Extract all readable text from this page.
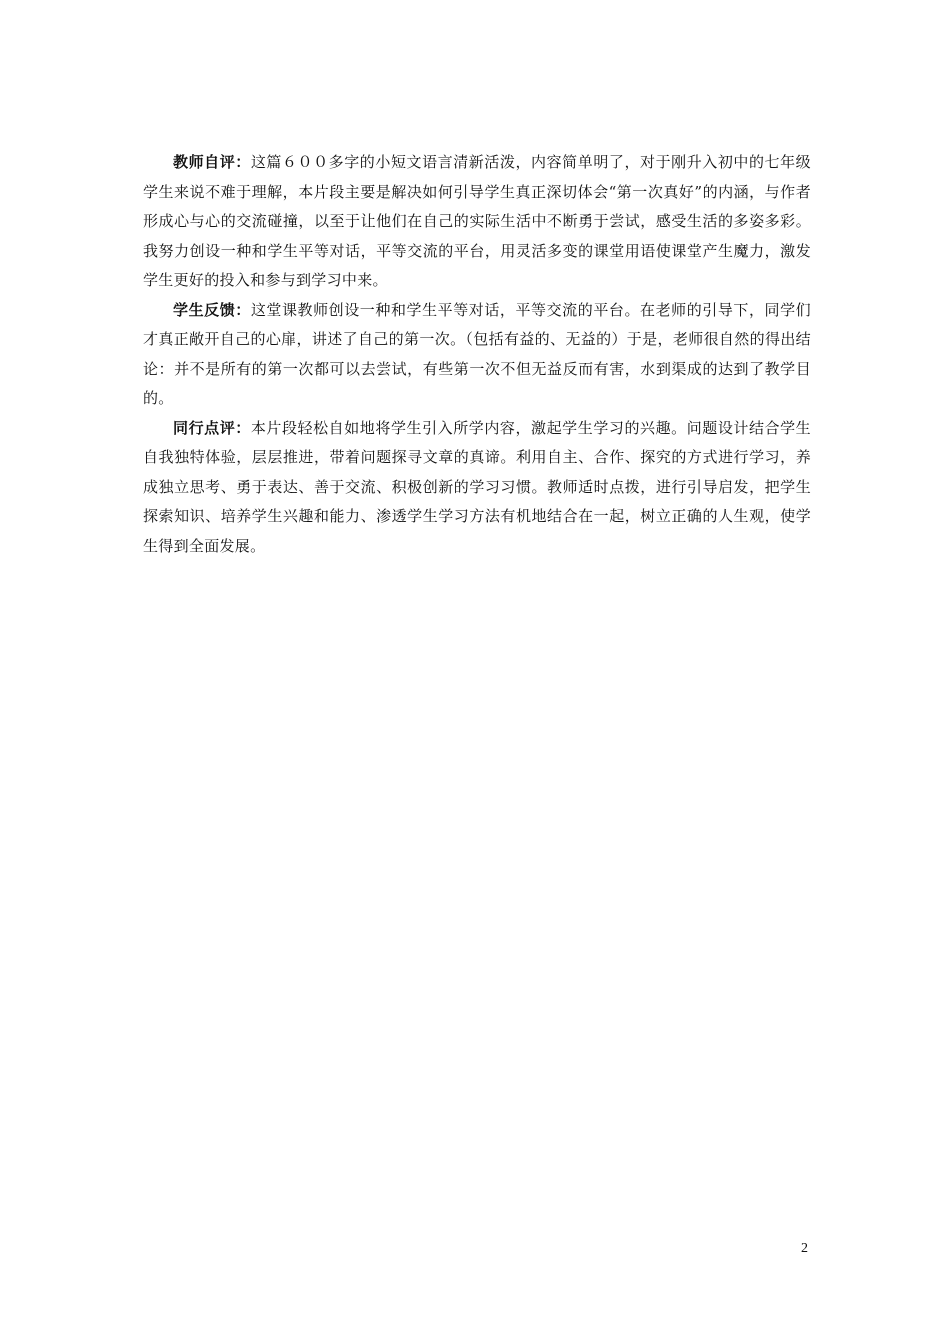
教师自评：这篇６００多字的小短文语言清新活泼，内容简单明了，对于刚升入初中的七年级学生来说不难于理解，本片段主要是解决如何引导学生真正深切体会“第一次真好”的内涵，与作者形成心与心的交流碰撞，以至于让他们在自己的实际生活中不断勇于尝试，感受生活的多姿多彩。我努力创设一种和学生平等对话，平等交流的平台，用灵活多变的课堂用语使课堂产生魔力，激发学生更好的投入和参与到学习中来。

学生反馈：这堂课教师创设一种和学生平等对话，平等交流的平台。在老师的引导下，同学们才真正敞开自己的心扉，讲述了自己的第一次。（包括有益的、无益的）于是，老师很自然的得出结论：并不是所有的第一次都可以去尝试，有些第一次不但无益反而有害，水到渠成的达到了教学目的。

同行点评：本片段轻松自如地将学生引入所学内容，激起学生学习的兴趣。问题设计结合学生自我独特体验，层层推进，带着问题探寻文章的真谛。利用自主、合作、探究的方式进行学习，养成独立思考、勇于表达、善于交流、积极创新的学习习惯。教师适时点拨，进行引导启发，把学生探索知识、培养学生兴趣和能力、渗透学生学习方法有机地结合在一起，树立正确的人生观，使学生得到全面发展。

2
